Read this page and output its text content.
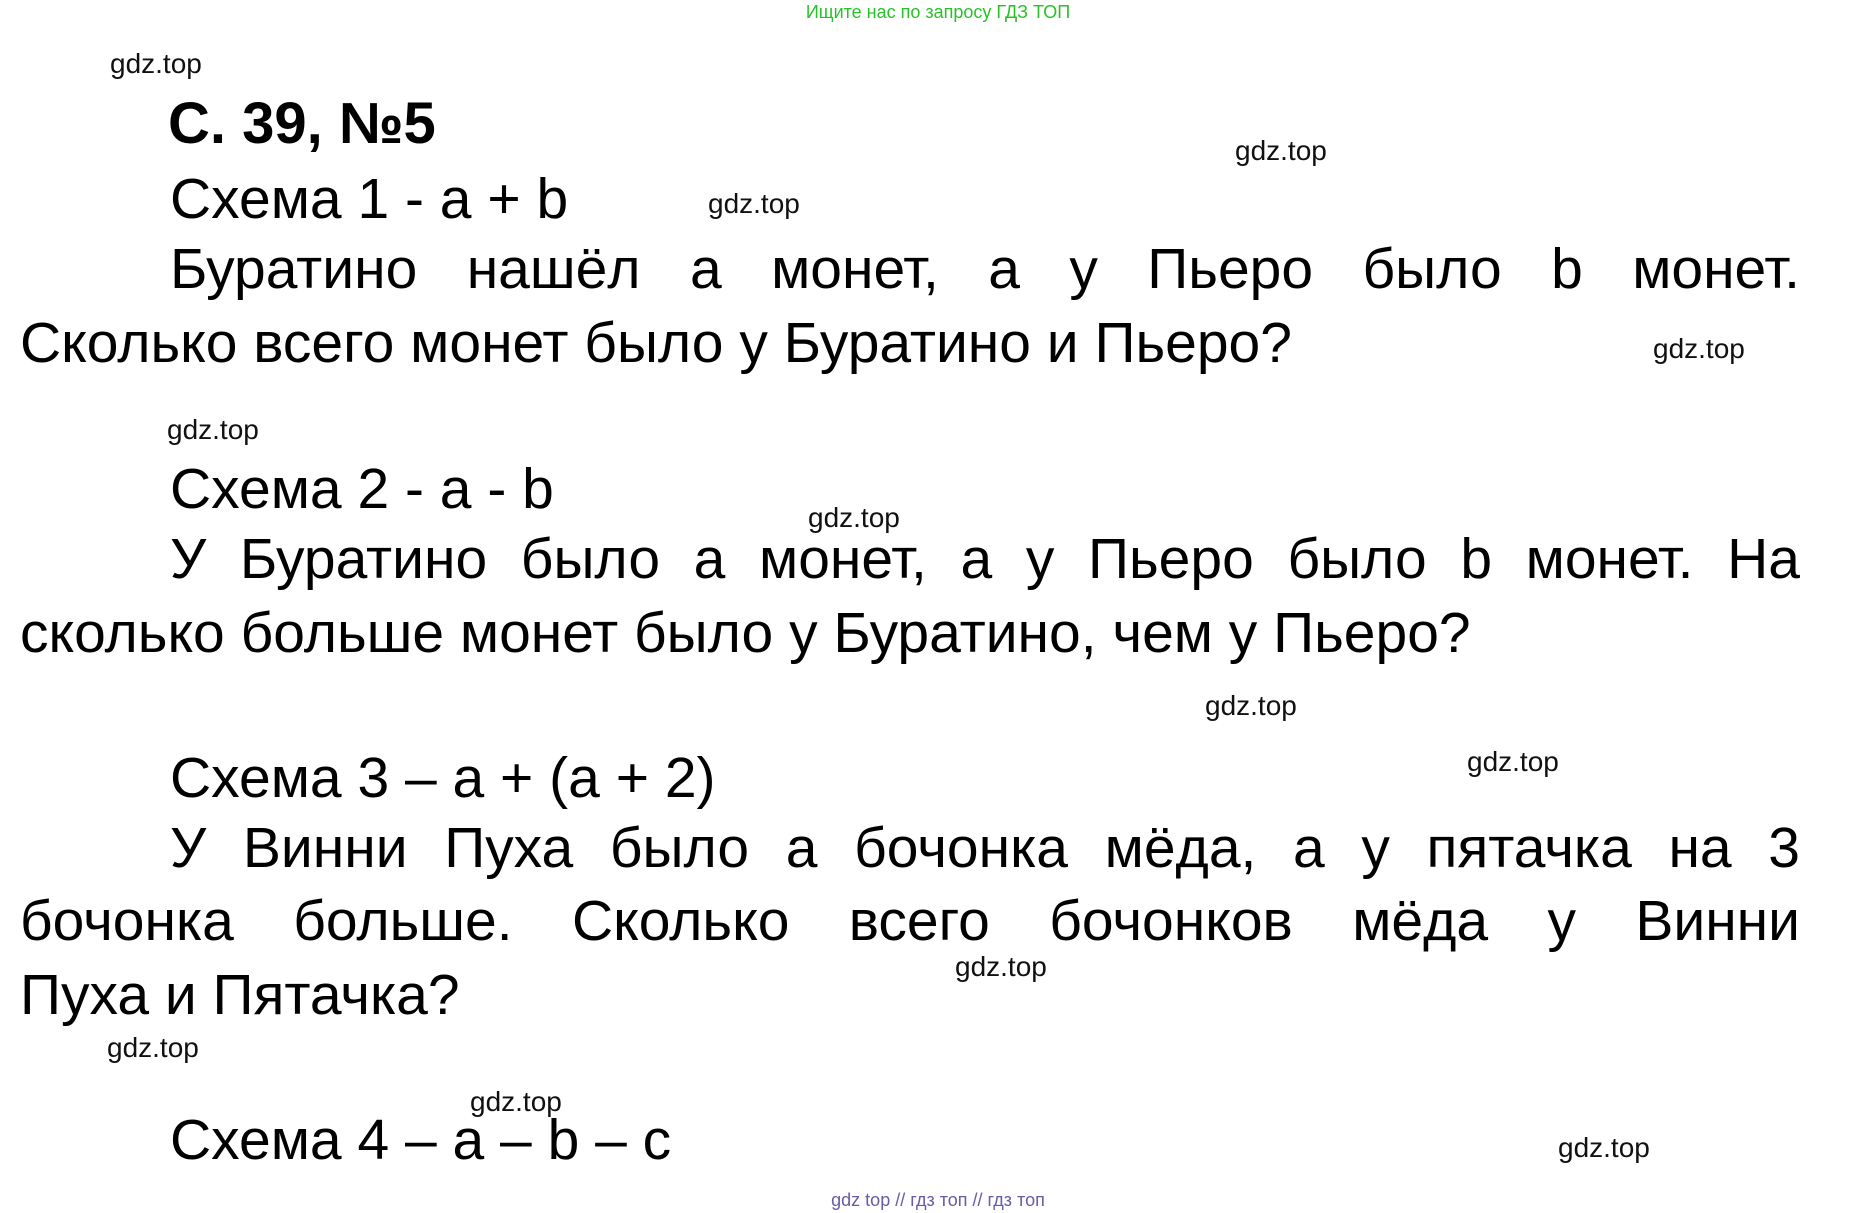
Ищите нас по запросу ГДЗ ТОП
gdz.top
gdz.top
gdz.top
gdz.top
gdz.top
gdz.top
gdz.top
gdz.top
gdz.top
gdz.top
gdz.top
gdz.top
С. 39, №5
Схема 1 - a + b
Буратино нашёл a монет, а у Пьеро было b монет.
Сколько всего монет было у Буратино и Пьеро?
Схема 2 - a - b
У Буратино было a монет, а у Пьеро было b монет. На
сколько больше монет было у Буратино, чем у Пьеро?
Схема 3 – a + (a + 2)
У Винни Пуха было a бочонка мёда, а у пятачка на 3
бочонка больше. Сколько всего бочонков мёда у Винни
Пуха и Пятачка?
Схема 4 – a – b – c
gdz top // гдз топ // гдз топ
